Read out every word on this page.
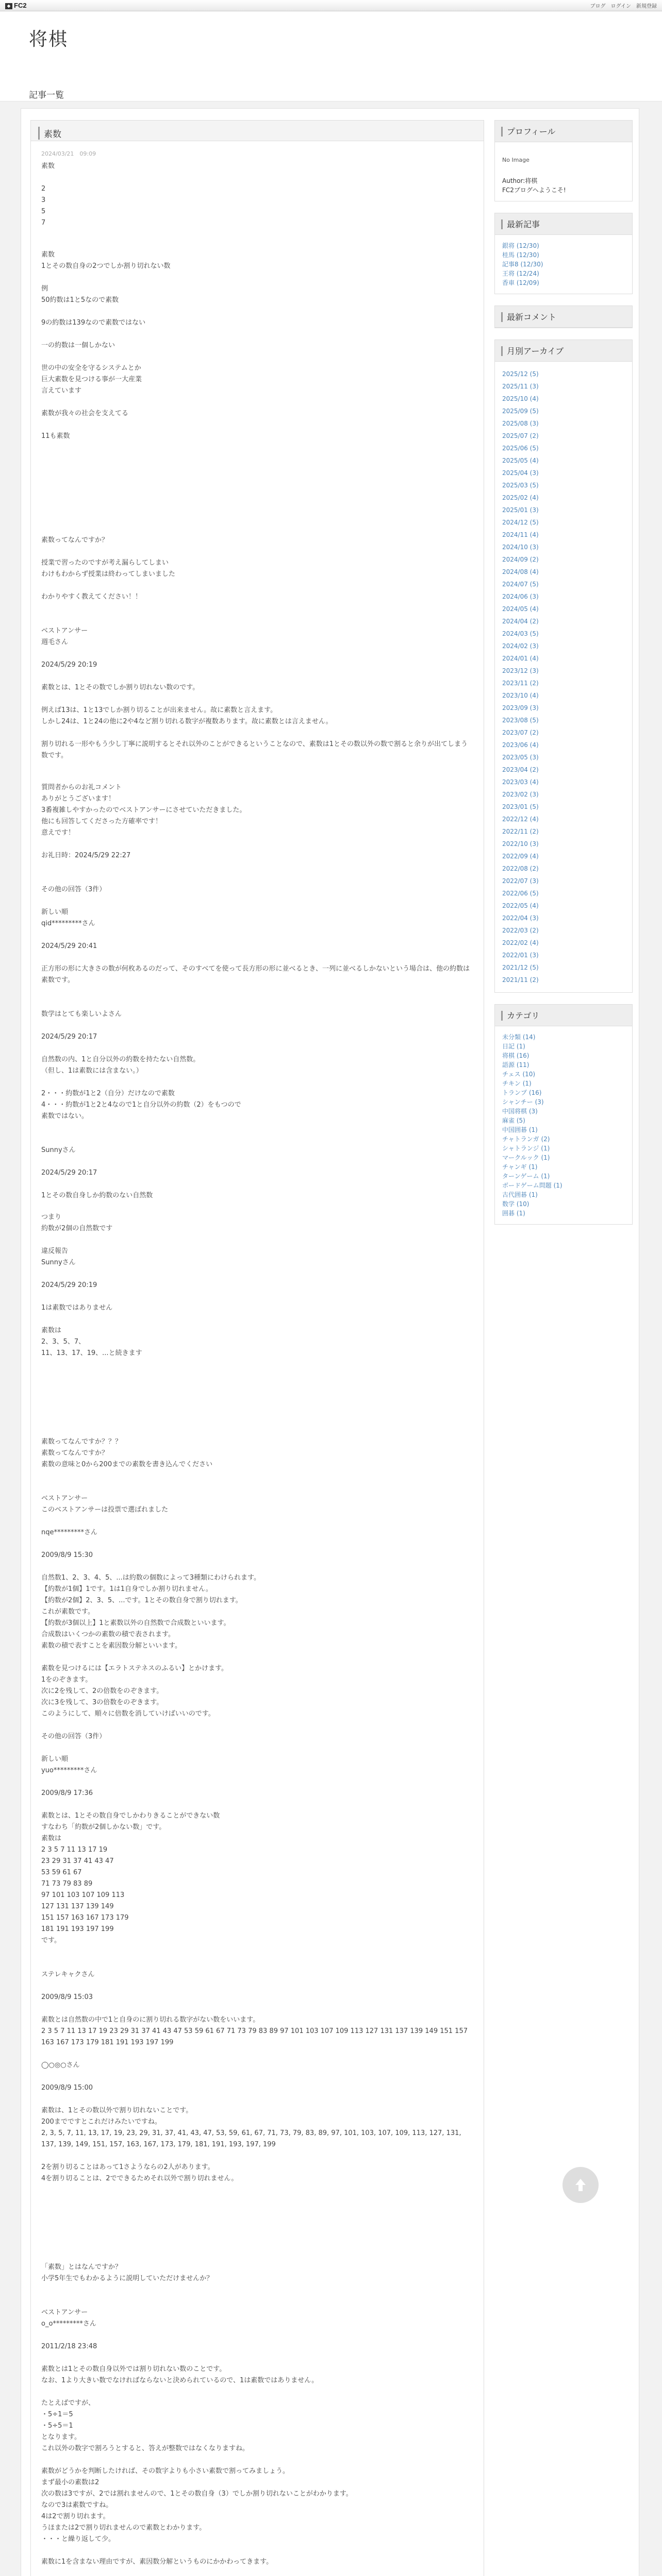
◆ FC2	ブログ ログイン 新規登録
将棋
記事一覧
素数
2024/03/21　09:09
素数

2
3
5
7
素数
1とその数自身の2つでしか割り切れない数

例
50約数は1と5なので素数

9の約数は139なので素数ではない

一の約数は一個しかない

世の中の安全を守るシステムとか
巨大素数を見つける事が一大産業
言えています

素数が我々の社会を支えてる

11も素数
素数ってなんですか？

授業で習ったのですが考え漏らしてしまい
わけもわからず授業は終わってしまいました

わかりやすく教えてください！！

ベストアンサー
週毛さん

2024/5/29 20:19

素数とは、1とその数でしか割り切れない数のです。

例えば13は、1と13でしか割り切ることが出来ません。故に素数と言えます。
しかし24は、1と24の他に2や4など割り切れる数字が複数あります。故に素数とは言えません。

割り切れる一形やもう少し丁寧に説明するとそれ以外のことができるということなので、素数は1とその数以外の数で割ると余りが出てしまう数です。
質問者からのお礼コメント
ありがとうございます！
3番複雑しやすかったのでベストアンサーにさせていただきました。
他にも回答してくださった方確率です！
意えです！

お礼日時：2024/5/29 22:27

その他の回答（3件）

新しい順
qid*********さん

2024/5/29 20:41

正方形の形に大きさの数が何枚あるのだって、そのすべてを使って長方形の形に並べるとき、一列に並べるしかないという場合は、他の約数は素数です。

数学はとても楽しいよさん

2024/5/29 20:17

自然数の内、1と自分以外の約数を持たない自然数。
（但し、1は素数には含まない。）

2・・・約数が1と2（自分）だけなので素数
4・・・約数が1と2と4なので1と自分以外の約数（2）をもつので
素数ではない。

Sunnyさん

2024/5/29 20:17

1とその数自身しか約数のない自然数
つまり
約数が2個の自然数です

違反報告
Sunnyさん

2024/5/29 20:19

1は素数ではありません

素数は
2、3、5、7、
11、13、17、19、...と続きます
素数ってなんですか？？？
素数ってなんですか？
素数の意味と0から200までの素数を書き込んでください

ベストアンサー
このベストアンサーは投票で選ばれました

nqe*********さん

2009/8/9 15:30

自然数1、2、3、4、5、...は約数の個数によって3種類にわけられます。
【約数が1個】1です。1は1自身でしか割り切れません。
【約数が2個】2、3、5、...です。1とその数自身で割り切れます。
これが素数です。
【約数が3個以上】1と素数以外の自然数で合成数といいます。
合成数はいくつかの素数の積で表されます。
素数の積で表すことを素因数分解といいます。

素数を見つけるには【エラトステネスのふるい】とかけます。
1をのぞきます。
次に2を残して、2の倍数をのぞきます。
次に3を残して、3の倍数をのぞきます。
このようにして、順々に倍数を消していけばいいのです。

その他の回答（3件）

新しい順
yuo*********さん

2009/8/9 17:36

素数とは、1とその数自身でしかわりきることができない数
すなわち「約数が2個しかない数」です。
素数は
2 3 5 7 11 13 17 19
23 29 31 37 41 43 47
53 59 61 67
71 73 79 83 89
97 101 103 107 109 113
127 131 137 139 149
151 157 163 167 173 179
181 191 193 197 199
です。

ステレキャクさん

2009/8/9 15:03

素数とは自然数の中で1と自身のに割り切れる数字がない数をいいます。
2 3 5 7 11 13 17 19 23 29 31 37 41 43 47 53 59 61 67 71 73 79 83 89 97 101 103 107 109 113 127 131 137 139 149 151 157 163 167 173 179 181 191 193 197 199

◯○◎○さん

2009/8/9 15:00

素数は、1とその数以外で割り切れないことです。
200までですとこれだけみたいですね。
2, 3, 5, 7, 11, 13, 17, 19, 23, 29, 31, 37, 41, 43, 47, 53, 59, 61, 67, 71, 73, 79, 83, 89, 97, 101, 103, 107, 109, 113, 127, 131, 137, 139, 149, 151, 157, 163, 167, 173, 179, 181, 191, 193, 197, 199

2を割り切ることはあって1さようならの2人があります。
4を割り切ることは、2でできるためそれ以外で割り切れません。
「素数」とはなんですか？
小学5年生でもわかるように説明していただけませんか？

ベストアンサー
o_o*********さん

2011/2/18 23:48

素数とは1とその数自身以外では割り切れない数のことです。
なお、1より大きい数でなければならないと決められているので、1は素数ではありません。

たとえばですが、
・5÷1＝5
・5÷5＝1
となります。
これ以外の数字で割ろうとすると、答えが整数ではなくなりますね。

素数がどうかを判断したければ、その数字よりも小さい素数で割ってみましょう。
まず最小の素数は2
次の数は3ですが、2では割れませんので、1とその数自身（3）でしか割り切れないことがわかります。
なので3は素数ですね。
4は2で割り切れます。
うほまたは2で割り切れませんので素数とわかります。
・・・と繰り返して少。

素数に1を含まない理由ですが、素因数分解というものにかかわってきます。

プロフィール
No Image
Author:将棋
FC2ブログへようこそ!
最新記事
銀将 (12/30)
桂馬 (12/30)
記事8 (12/30)
王将 (12/24)
香車 (12/09)
最新コメント
月別アーカイブ
2025/12 (5)
2025/11 (3)
2025/10 (4)
2025/09 (5)
2025/08 (3)
2025/07 (2)
2025/06 (5)
2025/05 (4)
2025/04 (3)
2025/03 (5)
2025/02 (4)
2025/01 (3)
2024/12 (5)
2024/11 (4)
2024/10 (3)
2024/09 (2)
2024/08 (4)
2024/07 (5)
2024/06 (3)
2024/05 (4)
2024/04 (2)
2024/03 (5)
2024/02 (3)
2024/01 (4)
2023/12 (3)
2023/11 (2)
2023/10 (4)
2023/09 (3)
2023/08 (5)
2023/07 (2)
2023/06 (4)
2023/05 (3)
2023/04 (2)
2023/03 (4)
2023/02 (3)
2023/01 (5)
2022/12 (4)
2022/11 (2)
2022/10 (3)
2022/09 (4)
2022/08 (2)
2022/07 (3)
2022/06 (5)
2022/05 (4)
2022/04 (3)
2022/03 (2)
2022/02 (4)
2022/01 (3)
2021/12 (5)
2021/11 (2)
カテゴリ
未分類 (14)
日記 (1)
将棋 (16)
語源 (11)
チェス (10)
チキン (1)
トランプ (16)
シャンチー (3)
中国将棋 (3)
麻雀 (5)
中国囲碁 (1)
チャトランガ (2)
シャトランジ (1)
マークルック (1)
チャンギ (1)
ターンゲーム (1)
ボードゲーム問題 (1)
古代囲碁 (1)
数学 (10)
囲碁 (1)
